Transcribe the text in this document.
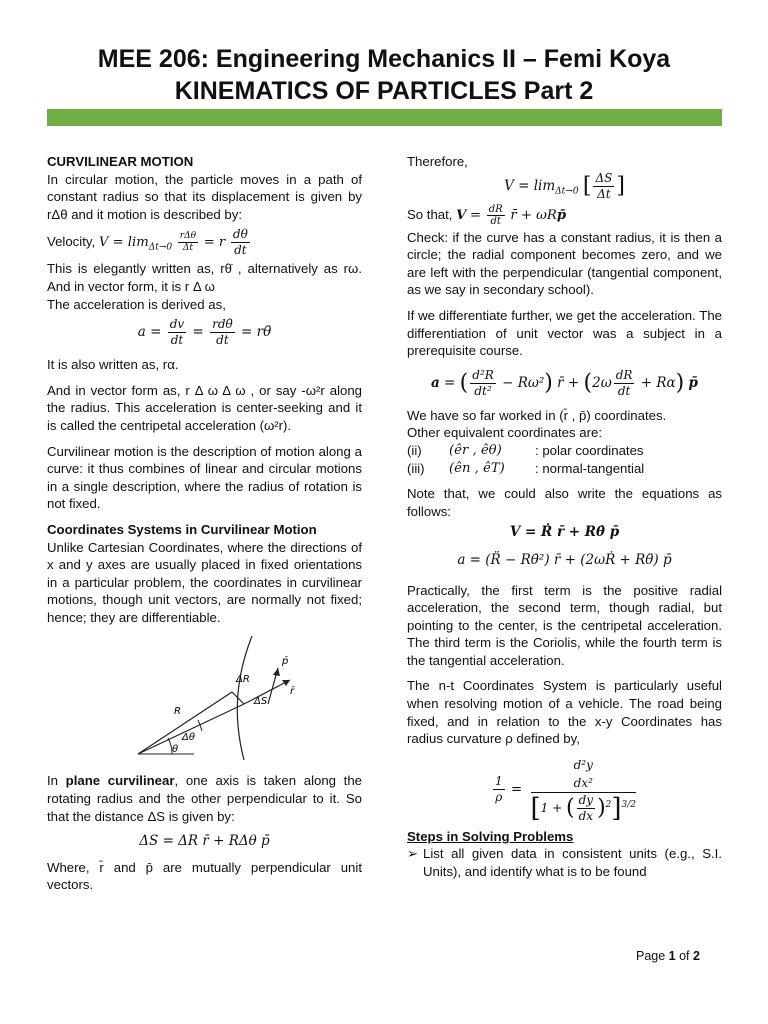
MEE 206: Engineering Mechanics II – Femi Koya
KINEMATICS OF PARTICLES Part 2
CURVILINEAR MOTION

In circular motion, the particle moves in a path of constant radius so that its displacement is given by rΔθ and it motion is described by:

Velocity, $V = \lim_{\Delta t\to 0} \frac{\text{rΔθ}}{\Delta t} = r \frac{d\theta}{dt}$
This is elegantly written as, rθ̇ , alternatively as rω. And in vector form, it is r Δ ω
The acceleration is derived as,
$a = \frac{dv}{dt} = \frac{\text{rdθ̇}}{dt}$ = rθ̈

It is also written as, rα.

And in vector form as, r Δ ω Δ ω , or say -ω²r along the radius. This acceleration is center-seeking and it is called the centripetal acceleration (ω²r).

Curvilinear motion is the description of motion along a curve: it thus combines of linear and circular motions in a single description, where the radius of rotation is not fixed.

Coordinates Systems in Curvilinear Motion

Unlike Cartesian Coordinates, where the directions of x and y axes are usually placed in fixed orientations in a particular problem, the coordinates in curvilinear motions, though unit vectors, are normally not fixed; hence; they are differentiable.

ΔR
ΔS
R
Δθ
θ
p̄
r̄

In plane curvilinear, one axis is taken along the rotating radius and the other perpendicular to it. So that the distance ΔS is given by:

ΔS = ΔR r̄ + RΔθ p̄

Where, r̄ and p̄ are mutually perpendicular unit vectors.

Therefore,
$V = \lim_{\Delta t\to 0}$ [ $\frac{\Delta S}{\Delta t}$ ]
So that, $V = \frac{dR}{dt}$ r̄ + ωRp̄

Check: if the curve has a constant radius, it is then a circle; the radial component becomes zero, and we are left with the perpendicular (tangential component, as we say in secondary school).

If we differentiate further, we get the acceleration. The differentiation of unit vector was a subject in a prerequisite course.

a = ( $\frac{\text{d²R}}{\text{dt²}} - R\omega^2$) r̄ + $(2\omega \frac{dR}{dt} + R\alpha)$ p̄
We have so far worked in (r̄ , p̄) coordinates.
Other equivalent coordinates are:
(ii)	(êr , êθ)	: polar coordinates
(iii)	(ên , êT)	: normal-tangential
Note that, we could also write the equations as follows:
V = Ṙ r̄ + Rθ̇ p̄
a = (R̈ − Rθ̇²) r̄ + (2ωṘ + Rθ̈) p̄

Practically, the first term is the positive radial acceleration, the second term, though radial, but pointing to the center, is the centripetal acceleration. The third term is the Coriolis, while the fourth term is the tangential acceleration.

The n-t Coordinates System is particularly useful when resolving motion of a vehicle. The road being fixed, and in relation to the x-y Coordinates has radius curvature ρ defined by,

$\frac{1}{\rho}$ =
d²y
dx²
[1 + ( $\frac{dy}{dx} )^2]^{3/2}$
Steps in Solving Problems
➢ List all given data in consistent units (e.g., S.I. Units), and identify what is to be found
Page 1 of 2
